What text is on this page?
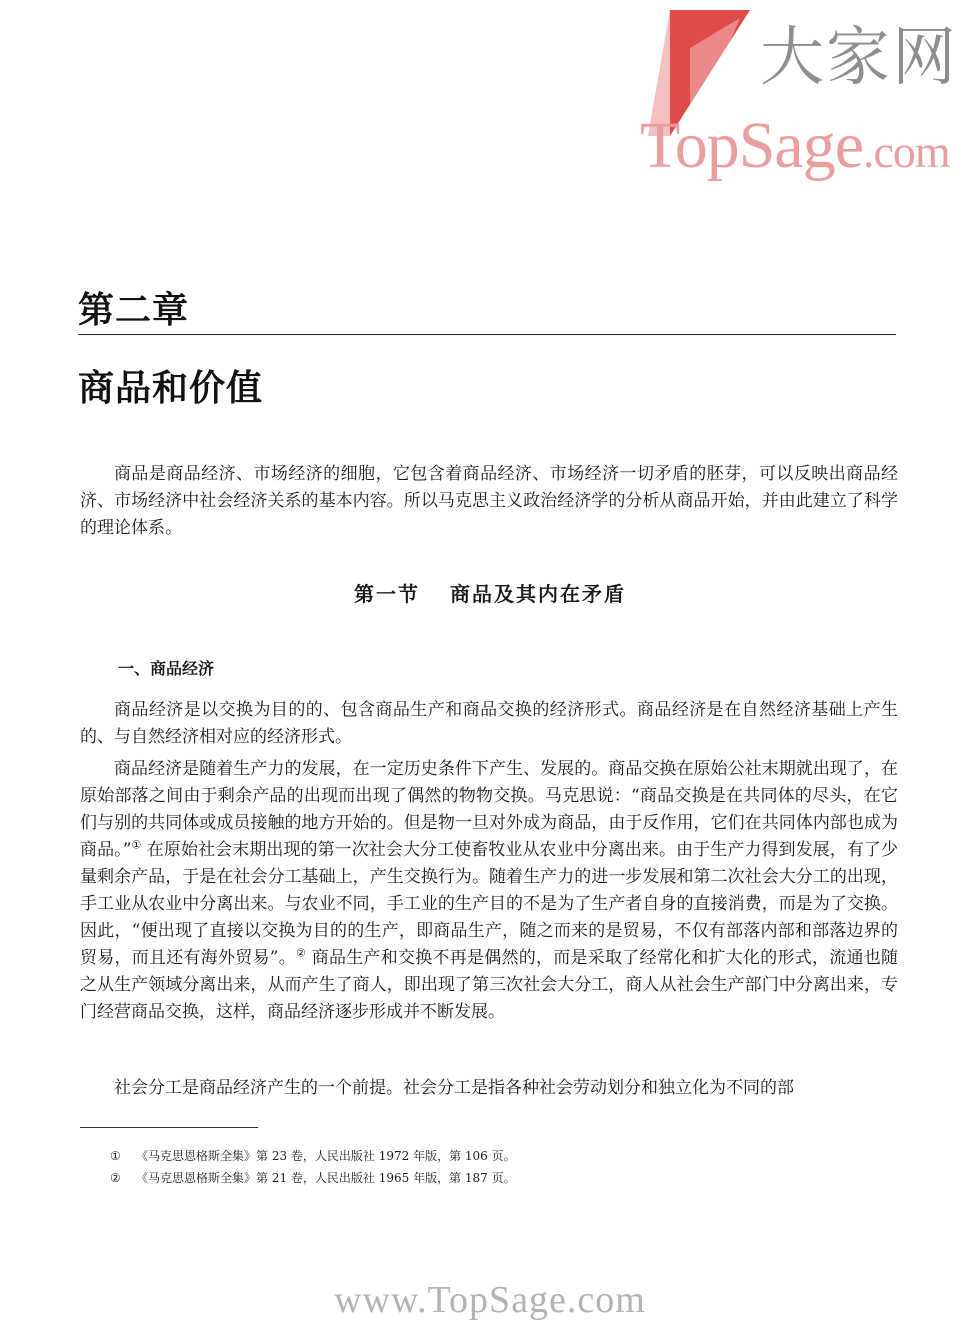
大家网
TopSage.com
第二章
商品和价值

商品是商品经济、市场经济的细胞，它包含着商品经济、市场经济一切矛盾的胚芽，可以反映出商品经济、市场经济中社会经济关系的基本内容。所以马克思主义政治经济学的分析从商品开始，并由此建立了科学的理论体系。

第一节 商品及其内在矛盾
一、商品经济

商品经济是以交换为目的的、包含商品生产和商品交换的经济形式。商品经济是在自然经济基础上产生的、与自然经济相对应的经济形式。

商品经济是随着生产力的发展，在一定历史条件下产生、发展的。商品交换在原始公社末期就出现了，在原始部落之间由于剩余产品的出现而出现了偶然的物物交换。马克思说：“商品交换是在共同体的尽头，在它们与别的共同体或成员接触的地方开始的。但是物一旦对外成为商品，由于反作用，它们在共同体内部也成为商品。”① 在原始社会末期出现的第一次社会大分工使畜牧业从农业中分离出来。由于生产力得到发展，有了少量剩余产品，于是在社会分工基础上，产生交换行为。随着生产力的进一步发展和第二次社会大分工的出现，手工业从农业中分离出来。与农业不同，手工业的生产目的不是为了生产者自身的直接消费，而是为了交换。因此，“便出现了直接以交换为目的的生产，即商品生产，随之而来的是贸易，不仅有部落内部和部落边界的贸易，而且还有海外贸易”。② 商品生产和交换不再是偶然的，而是采取了经常化和扩大化的形式，流通也随之从生产领域分离出来，从而产生了商人，即出现了第三次社会大分工，商人从社会生产部门中分离出来，专门经营商品交换，这样，商品经济逐步形成并不断发展。

社会分工是商品经济产生的一个前提。社会分工是指各种社会劳动划分和独立化为不同的部

① 《马克思恩格斯全集》第 23 卷，人民出版社 1972 年版，第 106 页。
② 《马克思恩格斯全集》第 21 卷，人民出版社 1965 年版，第 187 页。
www.TopSage.com
